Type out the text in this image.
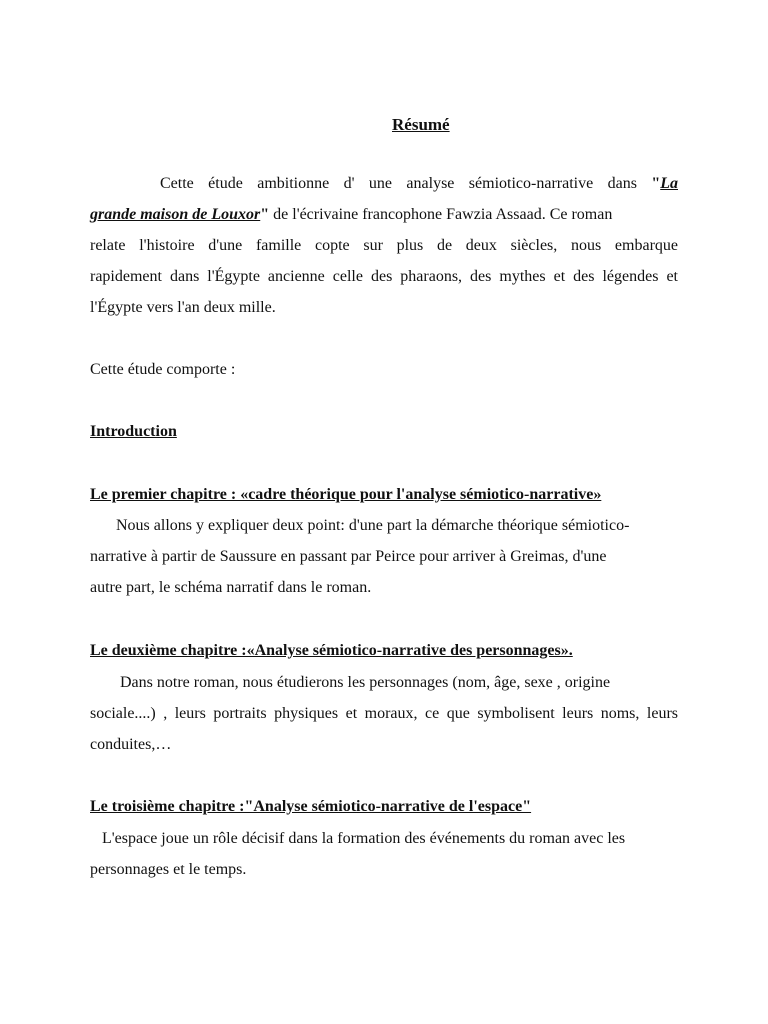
Résumé
Cette étude ambitionne d' une analyse sémiotico-narrative dans "La
grande maison de Louxor" de l'écrivaine francophone Fawzia Assaad. Ce roman
relate l'histoire d'une famille copte sur plus de deux siècles, nous embarque
rapidement dans l'Égypte ancienne celle des pharaons, des mythes et des légendes et
l'Égypte vers l'an deux mille.
Cette étude comporte :
Introduction
Le premier chapitre : «cadre théorique pour l'analyse sémiotico-narrative»
Nous allons y expliquer deux point: d'une part la démarche théorique sémiotico-
narrative à partir de Saussure en passant par Peirce pour arriver à Greimas, d'une
autre part, le schéma narratif dans le roman.
Le deuxième chapitre :«Analyse sémiotico-narrative des personnages».
Dans notre roman, nous étudierons les personnages (nom, âge, sexe , origine
sociale....) , leurs portraits physiques et moraux, ce que symbolisent leurs noms, leurs
conduites,…
Le troisième chapitre :"Analyse sémiotico-narrative de l'espace"
L'espace joue un rôle décisif dans la formation des événements du roman avec les
personnages et le temps.
